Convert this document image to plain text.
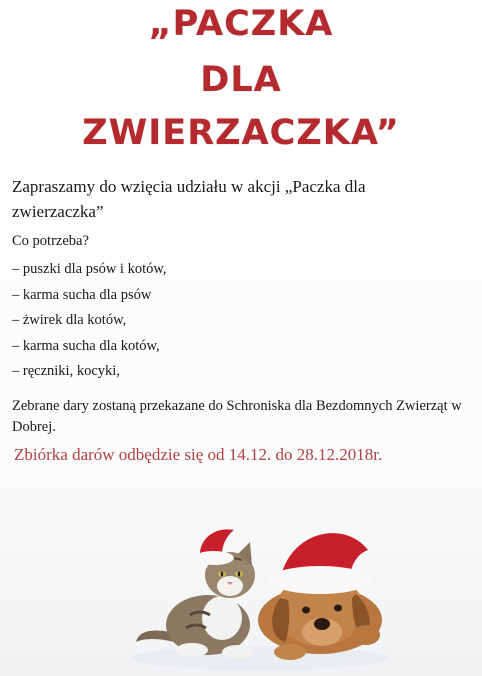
„PACZKA
DLA
ZWIERZACZKA”
Zapraszamy do wzięcia udziału w akcji „Paczka dla zwierzaczka”
Co potrzeba?
– puszki dla psów i kotów,
– karma sucha dla psów
– żwirek dla kotów,
– karma sucha dla kotów,
– ręczniki, kocyki,
Zebrane dary zostaną przekazane do Schroniska dla Bezdomnych Zwierząt w Dobrej.
Zbiórka darów odbędzie się od 14.12. do 28.12.2018r.
